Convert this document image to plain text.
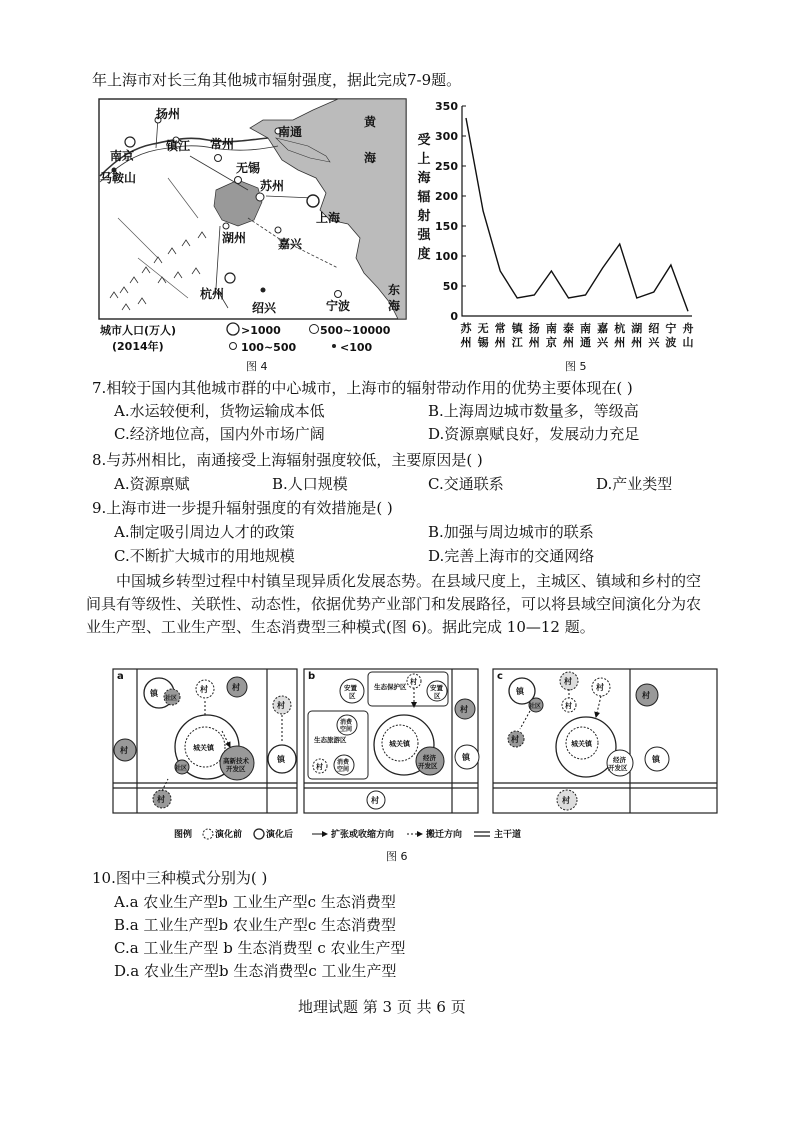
年上海市对长三角其他城市辐射强度，据此完成7-9题。
黄
海
东
海
扬州
镇江 常州
南通
南京
马鞍山
无锡
苏州
上海
湖州	嘉兴
杭州
绍兴	宁波
城市人口(万人)
(2014年)
>1000	500~10000
100~500	<100
图 4
受
上
海
辐
射
强
度
0
50
100
150
200
250
300
350
苏
州
无
锡
常
州
镇
江
扬
州
南
京
泰
州
南
通
嘉
兴
杭
州
湖
州
绍
兴
宁
波
舟
山
图 5
7.相较于国内其他城市群的中心城市，上海市的辐射带动作用的优势主要体现在( )
A.水运较便利，货物运输成本低	B.上海周边城市数量多，等级高
C.经济地位高，国内外市场广阔	D.资源禀赋良好，发展动力充足
8.与苏州相比，南通接受上海辐射强度较低，主要原因是( )
A.资源禀赋	B.人口规模	C.交通联系	D.产业类型
9.上海市进一步提升辐射强度的有效措施是( )
A.制定吸引周边人才的政策	B.加强与周边城市的联系
C.不断扩大城市的用地规模	D.完善上海市的交通网络
中国城乡转型过程中村镇呈现异质化发展态势。在县域尺度上，主城区、镇域和乡村的空间具有等级性、关联性、动态性，依据优势产业部门和发展路径，可以将县域空间演化分为农业生产型、工业生产型、生态消费型三种模式(图 6)。据此完成 10—12 题。
a
镇
社区
村	村
村
村	城关镇
社区
高新技术
开发区
镇
村
b
生态保护区
村
安置
区
安置
区
生态旅游区
消费
空间
村
消费
空间
城关镇
经济
开发区
村
镇
村
c
镇
社区
村
村
村
村
村	城关镇
经济
开发区
镇
村
图例	演化前	演化后	扩张或收缩方向	搬迁方向	主干道
图 6
10.图中三种模式分别为( )
A.a 农业生产型b 工业生产型c 生态消费型
B.a 工业生产型b 农业生产型c 生态消费型
C.a 工业生产型 b 生态消费型 c 农业生产型
D.a 农业生产型b 生态消费型c 工业生产型
地理试题 第 3 页 共 6 页
